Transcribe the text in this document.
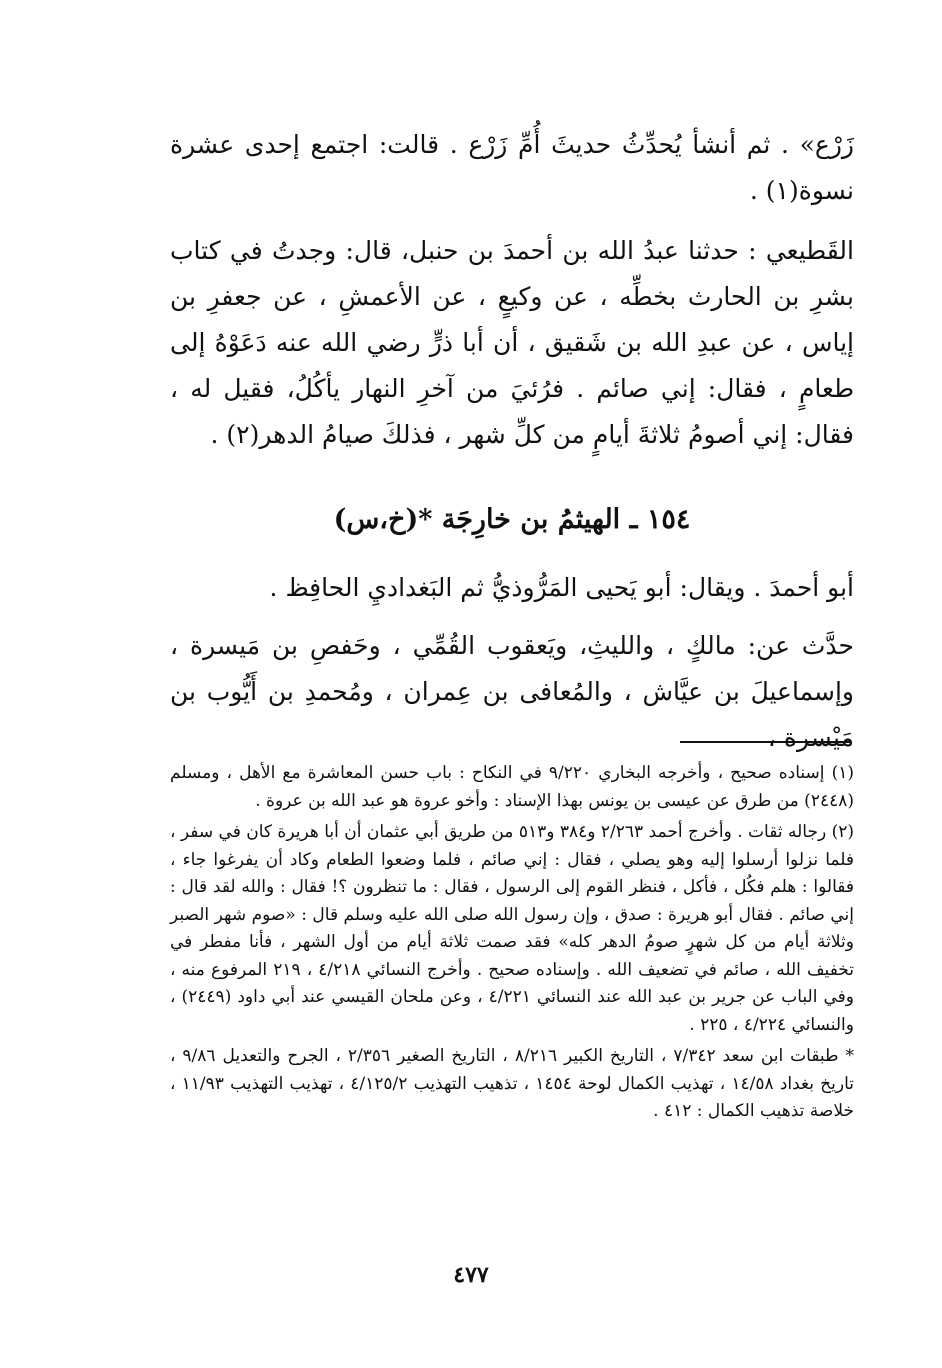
زَرْع» . ثم أنشأ يُحدِّثُ حديثَ أُمِّ زَرْع . قالت: اجتمع إحدى عشرة نسوة(١) .

القَطيعي : حدثنا عبدُ الله بن أحمدَ بن حنبل، قال: وجدتُ في كتاب بشرِ بن الحارث بخطِّه ، عن وكيعٍ ، عن الأعمشِ ، عن جعفرِ بن إياس ، عن عبدِ الله بن شَقيق ، أن أبا ذرٍّ رضي الله عنه دَعَوْهُ إلى طعامٍ ، فقال: إني صائم . فرُئيَ من آخرِ النهار يأكُلُ، فقيل له ، فقال: إني أصومُ ثلاثةَ أيامٍ من كلِّ شهر ، فذلكَ صيامُ الدهر(٢) .

١٥٤ ـ الهيثمُ بن خارِجَة *(خ،س)

أبو أحمدَ . ويقال: أبو يَحيى المَرُّوذيُّ ثم البَغداديِ الحافِظ .

حدَّث عن: مالكٍ ، والليثِ، ويَعقوب القُمِّي ، وحَفصِ بن مَيسرة ، وإسماعيلَ بن عيَّاش ، والمُعافى بن عِمران ، ومُحمدِ بن أَيُّوب بن مَيْسرة ،

(١) إسناده صحيح ، وأخرجه البخاري ٩/٢٢٠ في النكاح : باب حسن المعاشرة مع الأهل ، ومسلم (٢٤٤٨) من طرق عن عيسى بن يونس بهذا الإسناد : وأخو عروة هو عبد الله بن عروة .

(٢) رجاله ثقات . وأخرج أحمد ٢/٢٦٣ و٣٨٤ و٥١٣ من طريق أبي عثمان أن أبا هريرة كان في سفر ، فلما نزلوا أرسلوا إليه وهو يصلي ، فقال : إني صائم ، فلما وضعوا الطعام وكاد أن يفرغوا جاء ، فقالوا : هلم فكُل ، فأكل ، فنظر القوم إلى الرسول ، فقال : ما تنظرون ؟! فقال : والله لقد قال : إني صائم . فقال أبو هريرة : صدق ، وإن رسول الله صلى الله عليه وسلم قال : «صوم شهر الصبر وثلاثة أيام من كل شهرٍ صومُ الدهر كله» فقد صمت ثلاثة أيام من أول الشهر ، فأنا مفطر في تخفيف الله ، صائم في تضعيف الله . وإسناده صحيح . وأخرج النسائي ٤/٢١٨ ، ٢١٩ المرفوع منه ، وفي الباب عن جرير بن عبد الله عند النسائي ٤/٢٢١ ، وعن ملحان القيسي عند أبي داود (٢٤٤٩) ، والنسائي ٤/٢٢٤ ، ٢٢٥ .

* طبقات ابن سعد ٧/٣٤٢ ، التاريخ الكبير ٨/٢١٦ ، التاريخ الصغير ٢/٣٥٦ ، الجرح والتعديل ٩/٨٦ ، تاريخ بغداد ١٤/٥٨ ، تهذيب الكمال لوحة ١٤٥٤ ، تذهيب التهذيب ٤/١٢٥/٢ ، تهذيب التهذيب ١١/٩٣ ، خلاصة تذهيب الكمال : ٤١٢ .

٤٧٧
